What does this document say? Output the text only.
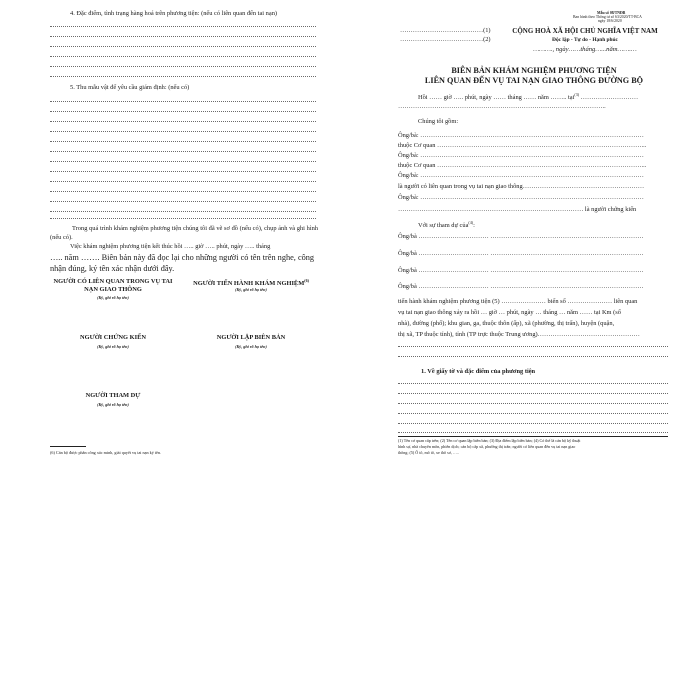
4. Đặc điểm, tình trạng hàng hoá trên phương tiện: (nếu có liên quan đến tai nạn)
5. Thu mẫu vật để yêu cầu giám định: (nếu có)
Trong quá trình khám nghiệm phương tiện chúng tôi đã vẽ sơ đồ (nếu có), chụp ảnh và ghi hình (nếu có).
Việc khám nghiệm phương tiện kết thúc hồi ….. giờ ….. phút, ngày ….. tháng
….. năm ……. Biên bản này đã đọc lại cho những người có tên trên nghe, công nhận đúng, ký tên xác nhận dưới đây.
NGƯỜI CÓ LIÊN QUAN TRONG VỤ TAI NẠN GIAO THÔNG
(Ký, ghi rõ họ tên)
NGƯỜI TIẾN HÀNH KHÁM NGHIỆM$^{(6)}$
(Ký, ghi rõ họ tên)
NGƯỜI CHỨNG KIẾN
(Ký, ghi rõ họ tên)
NGƯỜI LẬP BIÊN BẢN
(Ký, ghi rõ họ tên)
NGƯỜI THAM DỰ
(Ký, ghi rõ họ tên)
(6) Cán bộ được phân công xác minh, giải quyết vụ tai nạn ký tên.
Mẫu số 08/TNĐB
Ban hành theo Thông tư số 63/2020/TT-BCA
ngày 18/6/2020
…………………………………(1)
…………………………………(2)
CỘNG HOÀ XÃ HỘI CHỦ NGHĨA VIỆT NAM
Độc lập - Tự do - Hạnh phúc
………., ngày……tháng…...năm…….…
BIÊN BẢN KHÁM NGHIỆM PHƯƠNG TIỆN
LIÊN QUAN ĐẾN VỤ TAI NẠN GIAO THÔNG ĐƯỜNG BỘ
Hồi …… giờ ….. phút, ngày …… tháng …… năm …….. tại$^{(3)}$ ………………………
……………………………………………………………………………………..
Chúng tôi gồm:
Ông/bà: ……………………………………………………………………………………………
thuộc Cơ quan ……………………………………………………………………………………...
Ông/bà: ……………………………………………………………………………………………
thuộc Cơ quan ……………………………………………………………………………………...
Ông/bà: ……………………………………………………………………………………………
là người có liên quan trong vụ tai nạn giao thông…………………………………………………
Ông/bà: ……………………………………………………………………………………………
…………………………………………………………………………… là người chứng kiến
Với sự tham dự của$^{(4)}$:
Ông/bà …………………………… ………………………………………………………………
Ông/bà …………………………… ………………………………………………………………
Ông/bà …………………………… ………………………………………………………………
Ông/bà …………………………… ………………………………………………………………
tiến hành khám nghiệm phương tiện (5) ………………… biển số ………………… liên quan
vụ tai nạn giao thông xảy ra hồi … giờ … phút, ngày … tháng … năm …… tại Km (số
nhà), đường (phố); khu gian, ga, thuộc thôn (ấp), xã (phường, thị trấn), huyện (quận,
thị xã, TP thuộc tỉnh), tỉnh (TP trực thuộc Trung ương)…………………………………………
1. Về giấy tờ và đặc điểm của phương tiện
(1) Tên cơ quan cấp trên; (2) Tên cơ quan lập biên bản; (3) Địa điểm lập biên bản; (4) Có thể là cán bộ kỹ thuật
hình sự, nhà chuyên môn, phiên dịch; cán bộ cấp xã, phường thị trấn; người có liên quan đến vụ tai nạn giao
thông; (5) Ô tô, mô tô, xe thô sơ, …..
